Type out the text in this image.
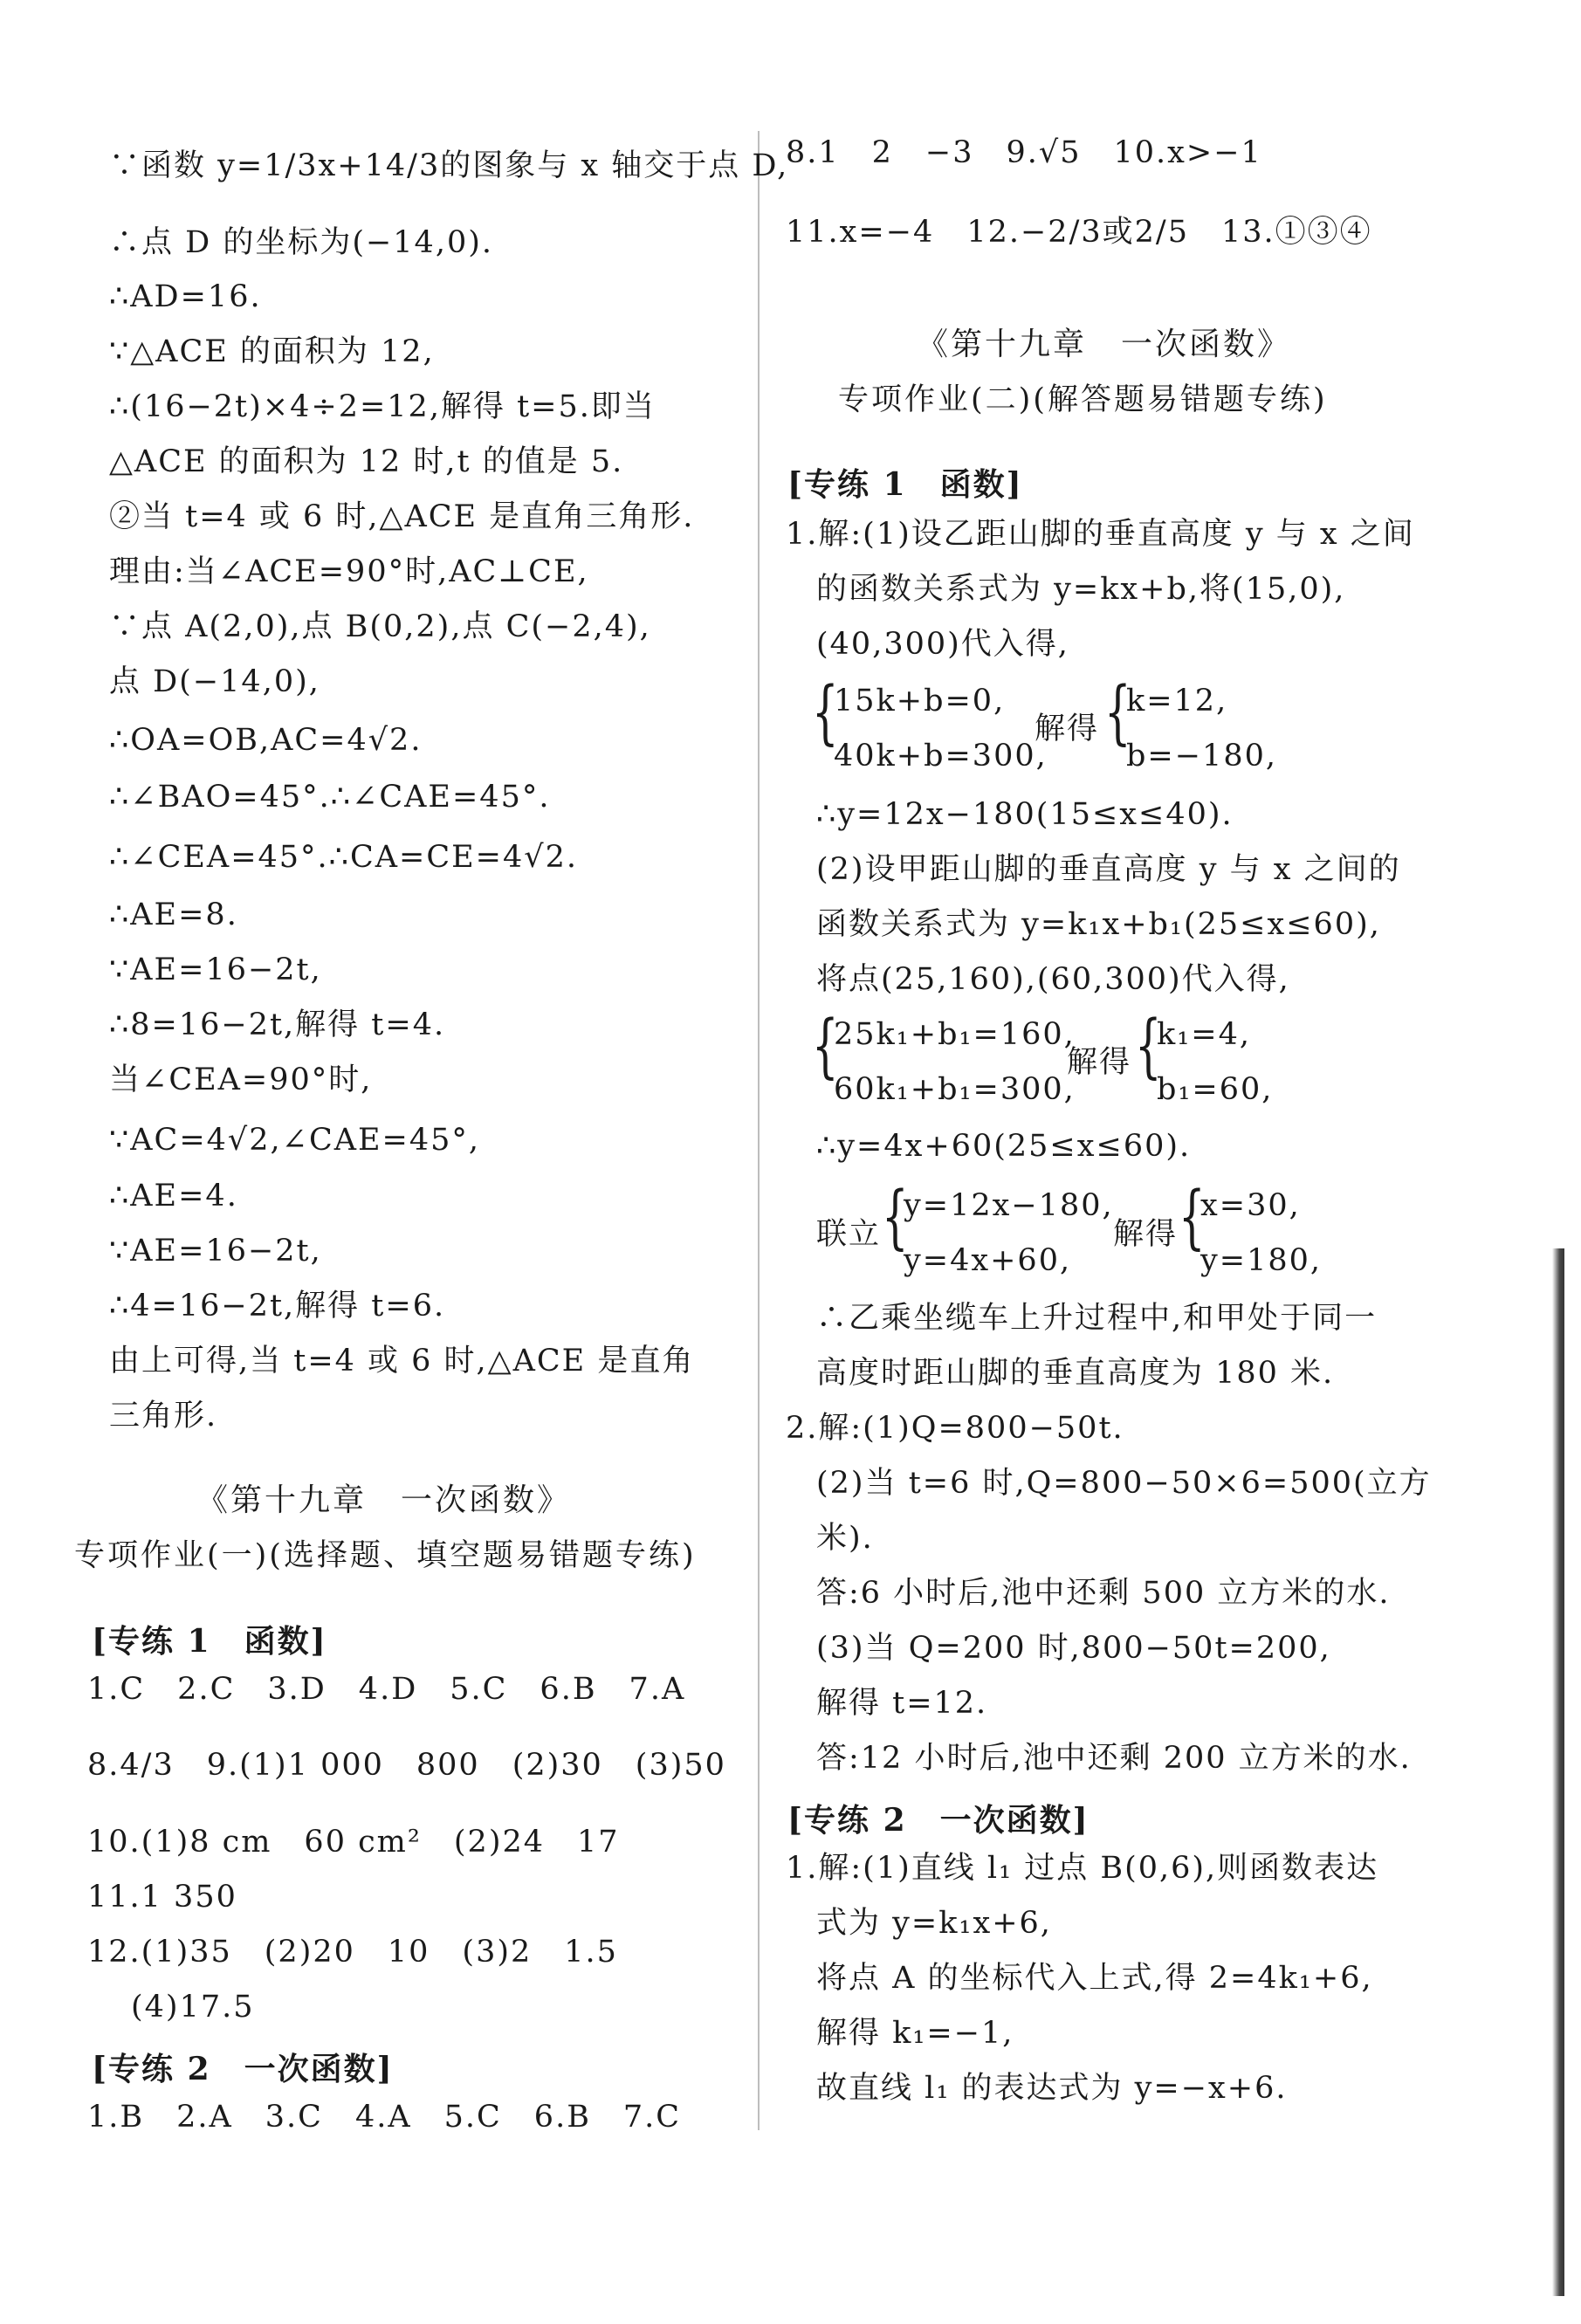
∵函数 y=1/3x+14/3的图象与 x 轴交于点 D,
∴点 D 的坐标为(−14,0).
∴AD=16.
∵△ACE 的面积为 12,
∴(16−2t)×4÷2=12,解得 t=5.即当
△ACE 的面积为 12 时,t 的值是 5.
②当 t=4 或 6 时,△ACE 是直角三角形.
理由:当∠ACE=90°时,AC⊥CE,
∵点 A(2,0),点 B(0,2),点 C(−2,4),
点 D(−14,0),
∴OA=OB,AC=4√2.
∴∠BAO=45°.∴∠CAE=45°.
∴∠CEA=45°.∴CA=CE=4√2.
∴AE=8.
∵AE=16−2t,
∴8=16−2t,解得 t=4.
当∠CEA=90°时,
∵AC=4√2,∠CAE=45°,
∴AE=4.
∵AE=16−2t,
∴4=16−2t,解得 t=6.
由上可得,当 t=4 或 6 时,△ACE 是直角
三角形.
《第十九章　一次函数》
专项作业(一)(选择题、填空题易错题专练)
[专练 1　函数]
1.C　2.C　3.D　4.D　5.C　6.B　7.A
8.4/3　9.(1)1 000　800　(2)30　(3)50
10.(1)8 cm　60 cm²　(2)24　17
11.1 350
12.(1)35　(2)20　10　(3)2　1.5
(4)17.5
[专练 2　一次函数]
1.B　2.A　3.C　4.A　5.C　6.B　7.C
8.1　2　−3　9.√5　10.x>−1
11.x=−4　12.−2/3或2/5　13.①③④
《第十九章　一次函数》
专项作业(二)(解答题易错题专练)
[专练 1　函数]
1.解:(1)设乙距山脚的垂直高度 y 与 x 之间
的函数关系式为 y=kx+b,将(15,0),
(40,300)代入得,
{
15k+b=0,
40k+b=300,
解得 {
k=12,
b=−180,
∴y=12x−180(15≤x≤40).
(2)设甲距山脚的垂直高度 y 与 x 之间的
函数关系式为 y=k₁x+b₁(25≤x≤60),
将点(25,160),(60,300)代入得,
{
25k₁+b₁=160,
60k₁+b₁=300,
解得 {
k₁=4,
b₁=60,
∴y=4x+60(25≤x≤60).
联立 {
y=12x−180,
y=4x+60,
解得 {
x=30,
y=180,
∴乙乘坐缆车上升过程中,和甲处于同一
高度时距山脚的垂直高度为 180 米.
2.解:(1)Q=800−50t.
(2)当 t=6 时,Q=800−50×6=500(立方
米).
答:6 小时后,池中还剩 500 立方米的水.
(3)当 Q=200 时,800−50t=200,
解得 t=12.
答:12 小时后,池中还剩 200 立方米的水.
[专练 2　一次函数]
1.解:(1)直线 l₁ 过点 B(0,6),则函数表达
式为 y=k₁x+6,
将点 A 的坐标代入上式,得 2=4k₁+6,
解得 k₁=−1,
故直线 l₁ 的表达式为 y=−x+6.
